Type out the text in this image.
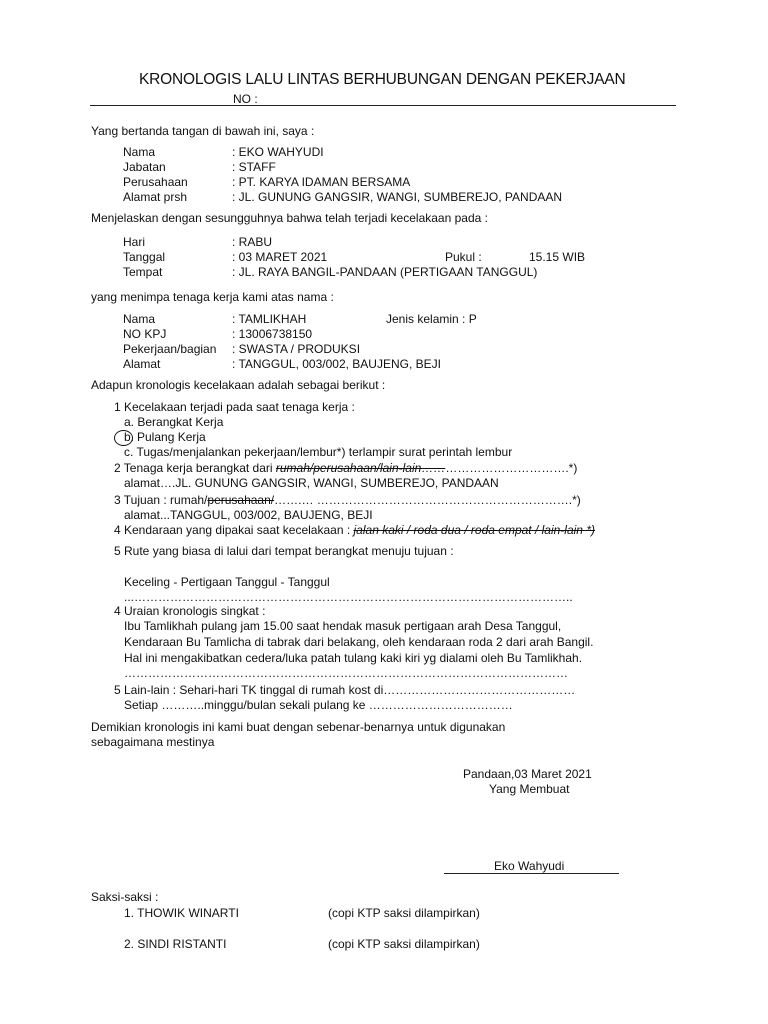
KRONOLOGIS LALU LINTAS BERHUBUNGAN DENGAN PEKERJAAN
NO :
Yang bertanda tangan di bawah ini, saya :
Nama	: EKO WAHYUDI
Jabatan	: STAFF
Perusahaan	: PT. KARYA IDAMAN BERSAMA
Alamat prsh	: JL. GUNUNG GANGSIR, WANGI, SUMBEREJO, PANDAAN
Menjelaskan dengan sesungguhnya bahwa telah terjadi kecelakaan pada :
Hari	: RABU
Tanggal	: 03 MARET 2021	Pukul :	15.15 WIB
Tempat	: JL. RAYA BANGIL-PANDAAN (PERTIGAAN TANGGUL)
yang menimpa tenaga kerja kami atas nama :
Nama	: TAMLIKHAH	Jenis kelamin : P
NO KPJ	: 13006738150
Pekerjaan/bagian : SWASTA / PRODUKSI
Alamat	: TANGGUL, 003/002, BAUJENG, BEJI
Adapun kronologis kecelakaan adalah sebagai berikut :
1 Kecelakaan terjadi pada saat tenaga kerja :
a. Berangkat Kerja
b. Pulang Kerja
c. Tugas/menjalankan pekerjaan/lembur*) terlampir surat perintah lembur
2 Tenaga kerja berangkat dari rumah/perusahaan/lain-lain……………………………….*)
alamat….JL. GUNUNG GANGSIR, WANGI, SUMBEREJO, PANDAAN
3 Tujuan : rumah/perusahaan/…….… ……………………………………………………….*)
alamat...TANGGUL, 003/002, BAUJENG, BEJI
4 Kendaraan yang dipakai saat kecelakaan : jalan kaki / roda dua / roda empat / lain-lain *)
5 Rute yang biasa di lalui dari tempat berangkat menuju tujuan :
Keceling - Pertigaan Tanggul - Tanggul
...………………………………………………………………………………………………..
4 Uraian kronologis singkat :
Ibu Tamlikhah pulang jam 15.00 saat hendak masuk pertigaan arah Desa Tanggul,
Kendaraan Bu Tamlicha di tabrak dari belakang, oleh kendaraan roda 2 dari arah Bangil.
Hal ini mengakibatkan cedera/luka patah tulang kaki kiri yg dialami oleh Bu Tamlikhah.
…………………………………………………………………………………………………
5 Lain-lain : Sehari-hari TK tinggal di rumah kost di…………………………………………
Setiap ………..minggu/bulan sekali pulang ke ………………………………
Demikian kronologis ini kami buat dengan sebenar-benarnya untuk digunakan
sebagaimana mestinya
Pandaan,03 Maret 2021
Yang Membuat
Eko Wahyudi
Saksi-saksi :
1. THOWIK WINARTI	(copi KTP saksi dilampirkan)
2. SINDI RISTANTI	(copi KTP saksi dilampirkan)
